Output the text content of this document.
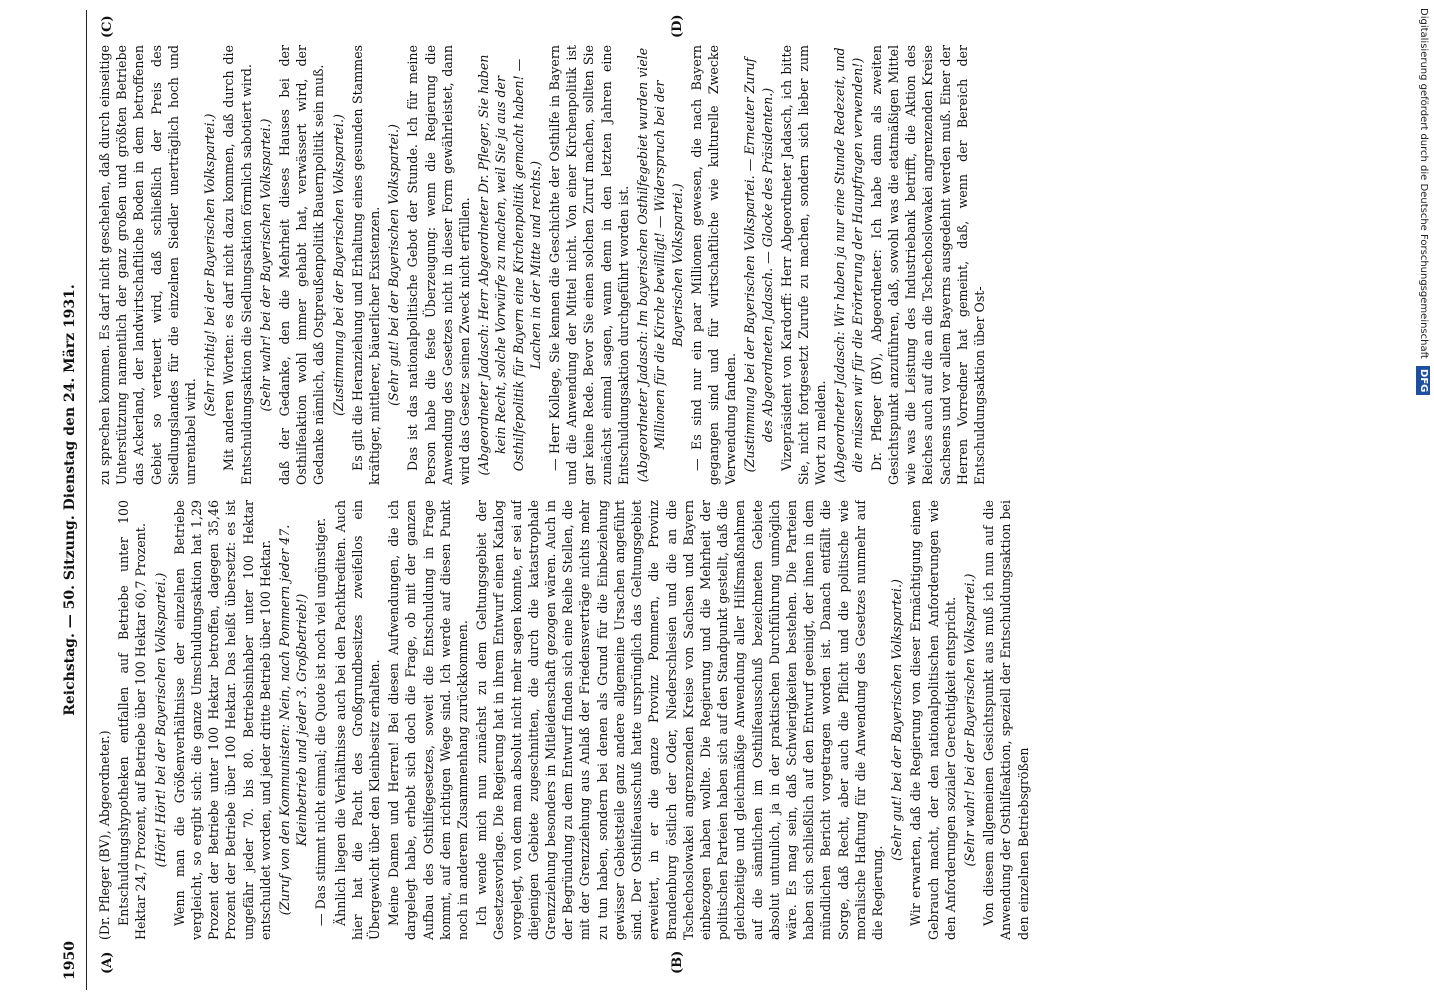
1950
Reichstag. — 50. Sitzung. Dienstag den 24. März 1931.
(A)	(B)
(C)	(D)

(Dr. Pfleger (BV), Abgeordneter.) Entschuldungshypotheken entfallen auf Betriebe unter 100 Hektar 24,7 Prozent, auf Betriebe über 100 Hektar 60,7 Prozent. (Hört! Hört! bei der Bayerischen Volkspartei.) Wenn man die Größenverhältnisse der einzelnen Betriebe vergleicht, so ergibt sich: die ganze Umschuldungsaktion hat 1,29 Prozent der Betriebe unter 100 Hektar betroffen, dagegen 35,46 Prozent der Betriebe über 100 Hektar. Das heißt übersetzt: es ist ungefähr jeder 70. bis 80. Betriebsinhaber unter 100 Hektar entschuldet worden, und jeder dritte Betrieb über 100 Hektar. (Zuruf von den Kommunisten: Nein, nach Pommern jeder 47. Kleinbetrieb und jeder 3. Großbetrieb!) — Das stimmt nicht einmal; die Quote ist noch viel ungünstiger. Ähnlich liegen die Verhältnisse auch bei den Pachtkrediten. Auch hier hat die Pacht des Großgrundbesitzes zweifellos ein Übergewicht über den Kleinbesitz erhalten. Meine Damen und Herren! Bei diesen Aufwendungen, die ich dargelegt habe, erhebt sich doch die Frage, ob mit der ganzen Aufbau des Osthilfegesetzes, soweit die Entschuldung in Frage kommt, auf dem richtigen Wege sind. Ich werde auf diesen Punkt noch in anderem Zusammenhang zurückkommen. Ich wende mich nun zunächst zu dem Geltungsgebiet der Gesetzesvorlage. Die Regierung hat in ihrem Entwurf einen Katalog vorgelegt, von dem man absolut nicht mehr sagen konnte, er sei auf diejenigen Gebiete zugeschnitten, die durch die katastrophale Grenzziehung besonders in Mitleidenschaft gezogen wären. Auch in der Begründung zu dem Entwurf finden sich eine Reihe Stellen, die mit der Grenzziehung aus Anlaß der Friedensverträge nichts mehr zu tun haben, sondern bei denen als Grund für die Einbeziehung gewisser Gebietsteile ganz andere allgemeine Ursachen angeführt sind. Der Osthilfeausschuß hatte ursprünglich das Geltungsgebiet erweitert, in er die ganze Provinz Pommern, die Provinz Brandenburg östlich der Oder, Niederschlesien und die an die Tschechoslowakei angrenzenden Kreise von Sachsen und Bayern einbezogen haben wollte. Die Regierung und die Mehrheit der politischen Parteien haben sich auf den Standpunkt gestellt, daß die gleichzeitige und gleichmäßige Anwendung aller Hilfsmaßnahmen auf die sämtlichen im Osthilfeausschuß bezeichneten Gebiete absolut untunlich, ja in der praktischen Durchführung unmöglich wäre. Es mag sein, daß Schwierigkeiten bestehen. Die Parteien haben sich schließlich auf den Entwurf geeinigt, der ihnen in dem mündlichen Bericht vorgetragen worden ist. Danach entfällt die Sorge, daß Recht, aber auch die Pflicht und die politische wie moralische Haftung für die Anwendung des Gesetzes nunmehr auf die Regierung.

(Sehr gut! bei der Bayerischen Volkspartei.) Wir erwarten, daß die Regierung von dieser Ermächtigung einen Gebrauch macht, der den nationalpolitischen Anforderungen wie den Anforderungen sozialer Gerechtigkeit entspricht. (Sehr wahr! bei der Bayerischen Volkspartei.) Von diesem allgemeinen Gesichtspunkt aus muß ich nun auf die Anwendung der Osthilfeaktion, speziell der Entschuldungsaktion bei den einzelnen Betriebsgrößen

zu sprechen kommen. Es darf nicht geschehen, daß durch einseitige Unterstützung namentlich der ganz großen und größten Betriebe das Ackerland, der landwirtschaftliche Boden in dem betroffenen Gebiet so verteuert wird, daß schließlich der Preis des Siedlungslandes für die einzelnen Siedler unerträglich hoch und unrentabel wird.

(Sehr richtig! bei der Bayerischen Volkspartei.) Mit anderen Worten: es darf nicht dazu kommen, daß durch die Entschuldungsaktion die Siedlungsaktion förmlich sabotiert wird. (Sehr wahr! bei der Bayerischen Volkspartei.) daß der Gedanke, den die Mehrheit dieses Hauses bei der Osthilfeaktion wohl immer gehabt hat, verwässert wird, der Gedanke nämlich, daß Ostpreußenpolitik Bauernpolitik sein muß. (Zustimmung bei der Bayerischen Volkspartei.) Es gilt die Heranziehung und Erhaltung eines gesunden Stammes kräftiger, mittlerer, bäuerlicher Existenzen. (Sehr gut! bei der Bayerischen Volkspartei.) Das ist das nationalpolitische Gebot der Stunde. Ich für meine Person habe die feste Überzeugung: wenn die Regierung die Anwendung des Gesetzes nicht in dieser Form gewährleistet, dann wird das Gesetz seinen Zweck nicht erfüllen. (Abgeordneter Jadasch: Herr Abgeordneter Dr. Pfleger, Sie haben kein Recht, solche Vorwürfe zu machen, weil Sie ja aus der Osthilfepolitik für Bayern eine Kirchenpolitik gemacht haben! — Lachen in der Mitte und rechts.) — Herr Kollege, Sie kennen die Geschichte der Osthilfe in Bayern und die Anwendung der Mittel nicht. Von einer Kirchenpolitik ist gar keine Rede. Bevor Sie einen solchen Zuruf machen, sollten Sie zunächst einmal sagen, wann denn in den letzten Jahren eine Entschuldungsaktion durchgeführt worden ist. (Abgeordneter Jadasch: Im bayerischen Osthilfegebiet wurden viele Millionen für die Kirche bewilligt! — Widerspruch bei der Bayerischen Volkspartei.) — Es sind nur ein paar Millionen gewesen, die nach Bayern gegangen sind und für wirtschaftliche wie kulturelle Zwecke Verwendung fanden. (Zustimmung bei der Bayerischen Volkspartei. — Erneuter Zuruf des Abgeordneten Jadasch. — Glocke des Präsidenten.) Vizepräsident von Kardorff: Herr Abgeordneter Jadasch, ich bitte Sie, nicht fortgesetzt Zurufe zu machen, sondern sich lieber zum Wort zu melden. (Abgeordneter Jadasch: Wir haben ja nur eine Stunde Redezeit, und die müssen wir für die Erörterung der Hauptfragen verwenden!) Dr. Pfleger (BV), Abgeordneter: Ich habe dann als zweiten Gesichtspunkt anzuführen, daß, sowohl was die etatmäßigen Mittel wie was die Leistung des Industriebank betrifft, die Aktion des Reiches auch auf die an die Tschechoslowakei angrenzenden Kreise Sachsens und vor allem Bayerns ausgedehnt werden muß. Einer der Herren Vorredner hat gemeint, daß, wenn der Bereich der Entschuldungsaktion über Ost-

Digitalisierung gefördert durch die Deutsche Forschungsgemeinschaft DFG
